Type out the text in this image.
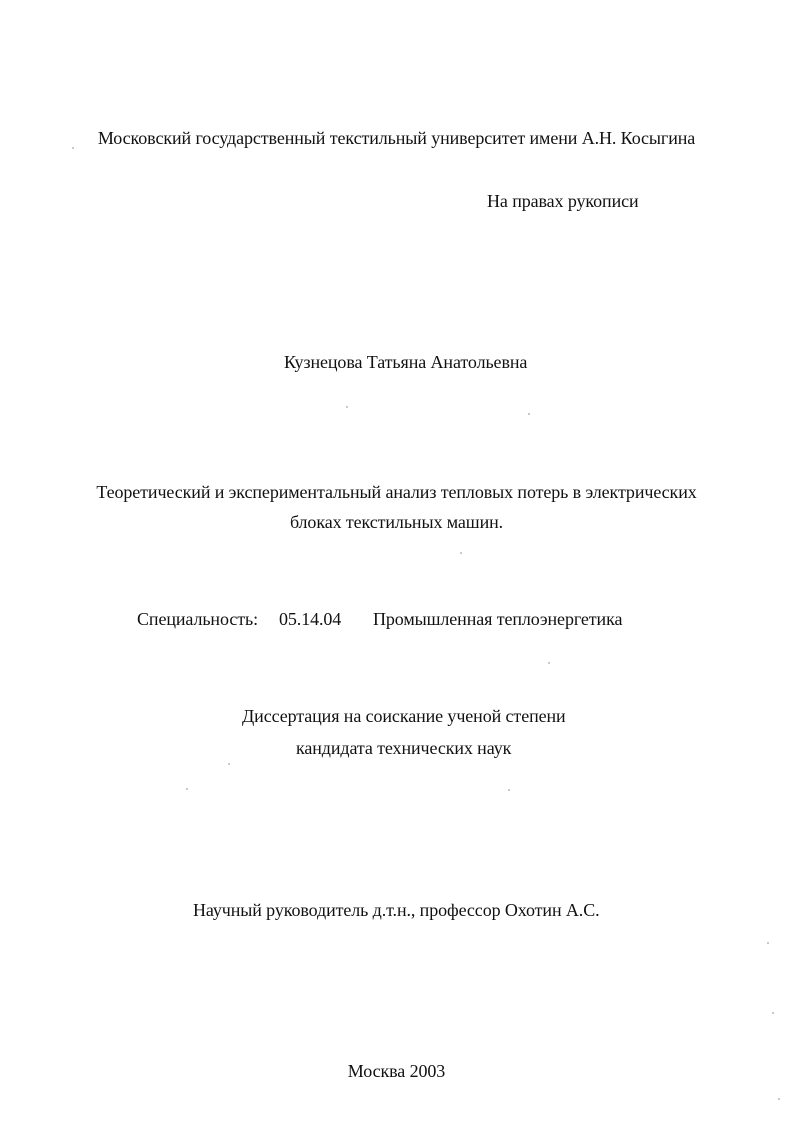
Московский государственный текстильный университет имени А.Н. Косыгина
На правах рукописи
Кузнецова Татьяна Анатольевна
Теоретический и экспериментальный анализ тепловых потерь в электрических
блоках текстильных машин.
Специальность: 05.14.04 Промышленная теплоэнергетика
Диссертация на соискание ученой степени
кандидата технических наук
Научный руководитель д.т.н., профессор Охотин А.С.
Москва 2003
